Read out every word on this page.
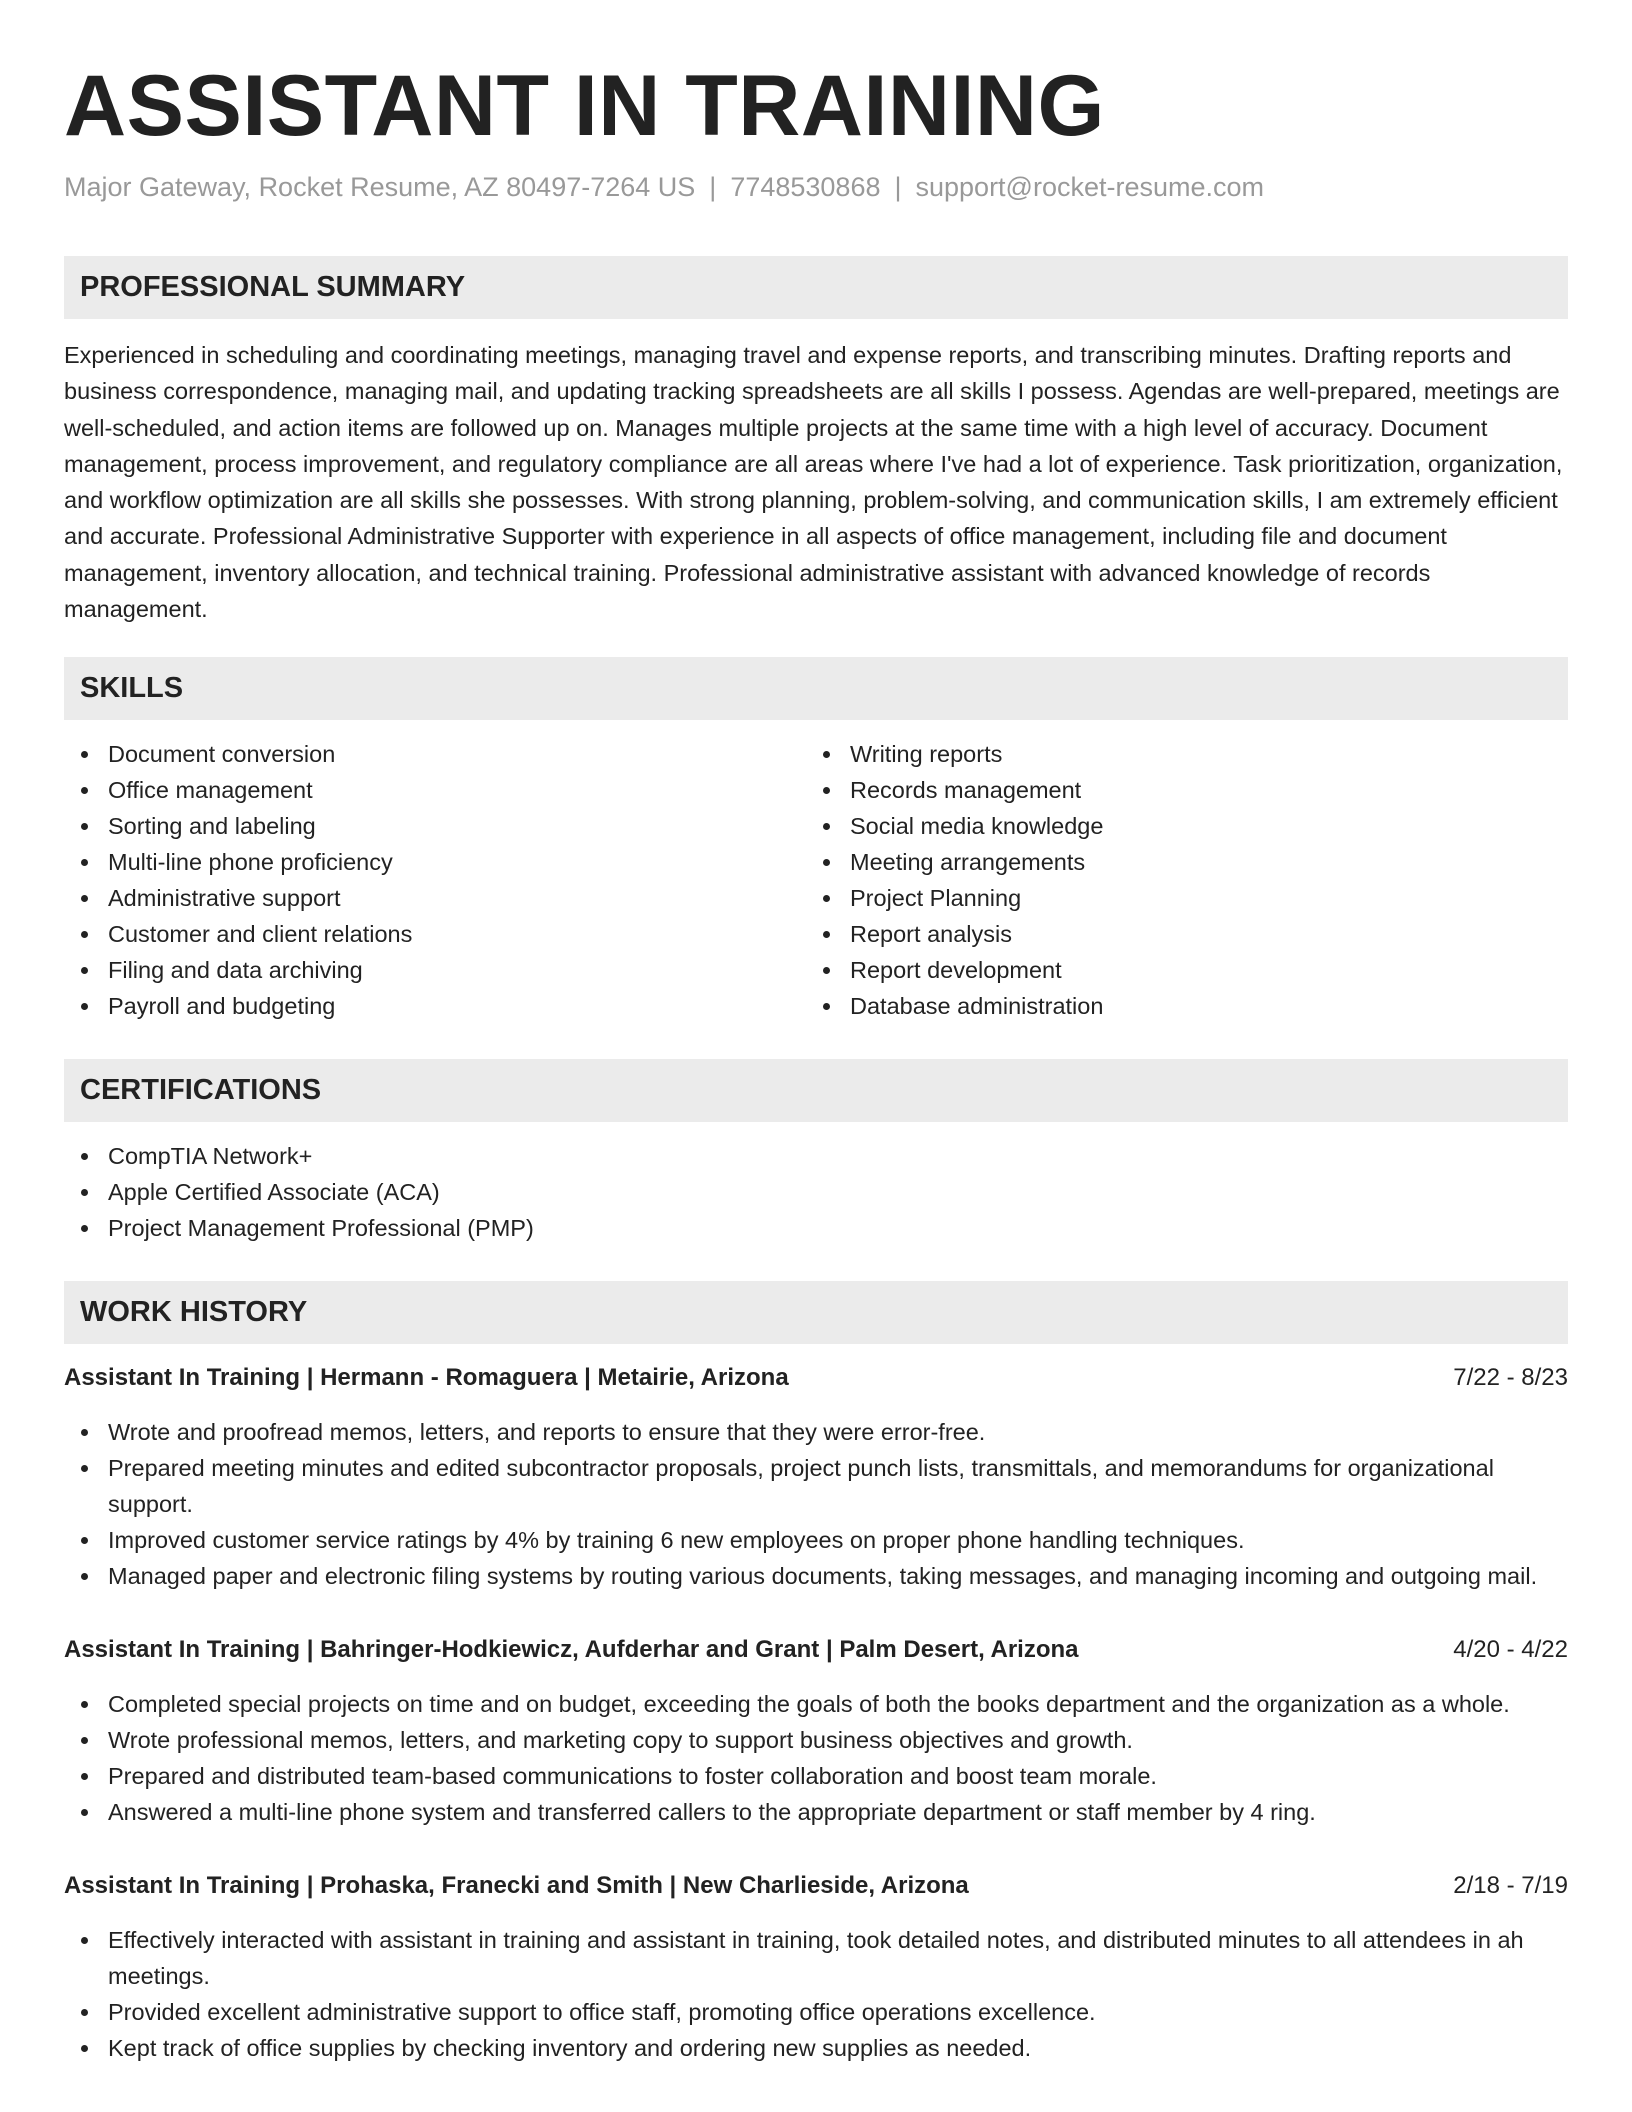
ASSISTANT IN TRAINING
Major Gateway, Rocket Resume, AZ 80497-7264 US | 7748530868 | support@rocket-resume.com
PROFESSIONAL SUMMARY

Experienced in scheduling and coordinating meetings, managing travel and expense reports, and transcribing minutes. Drafting reports and business correspondence, managing mail, and updating tracking spreadsheets are all skills I possess. Agendas are well-prepared, meetings are well-scheduled, and action items are followed up on. Manages multiple projects at the same time with a high level of accuracy. Document management, process improvement, and regulatory compliance are all areas where I've had a lot of experience. Task prioritization, organization, and workflow optimization are all skills she possesses. With strong planning, problem-solving, and communication skills, I am extremely efficient and accurate. Professional Administrative Supporter with experience in all aspects of office management, including file and document management, inventory allocation, and technical training. Professional administrative assistant with advanced knowledge of records management.

SKILLS
Document conversion
Office management
Sorting and labeling
Multi-line phone proficiency
Administrative support
Customer and client relations
Filing and data archiving
Payroll and budgeting
Writing reports
Records management
Social media knowledge
Meeting arrangements
Project Planning
Report analysis
Report development
Database administration
CERTIFICATIONS
CompTIA Network+
Apple Certified Associate (ACA)
Project Management Professional (PMP)
WORK HISTORY
Assistant In Training | Hermann - Romaguera | Metairie, Arizona	7/22 - 8/23
Wrote and proofread memos, letters, and reports to ensure that they were error-free.
Prepared meeting minutes and edited subcontractor proposals, project punch lists, transmittals, and memorandums for organizational support.
Improved customer service ratings by 4% by training 6 new employees on proper phone handling techniques.
Managed paper and electronic filing systems by routing various documents, taking messages, and managing incoming and outgoing mail.
Assistant In Training | Bahringer-Hodkiewicz, Aufderhar and Grant | Palm Desert, Arizona	4/20 - 4/22
Completed special projects on time and on budget, exceeding the goals of both the books department and the organization as a whole.
Wrote professional memos, letters, and marketing copy to support business objectives and growth.
Prepared and distributed team-based communications to foster collaboration and boost team morale.
Answered a multi-line phone system and transferred callers to the appropriate department or staff member by 4 ring.
Assistant In Training | Prohaska, Franecki and Smith | New Charlieside, Arizona	2/18 - 7/19
Effectively interacted with assistant in training and assistant in training, took detailed notes, and distributed minutes to all attendees in ah meetings.
Provided excellent administrative support to office staff, promoting office operations excellence.
Kept track of office supplies by checking inventory and ordering new supplies as needed.
